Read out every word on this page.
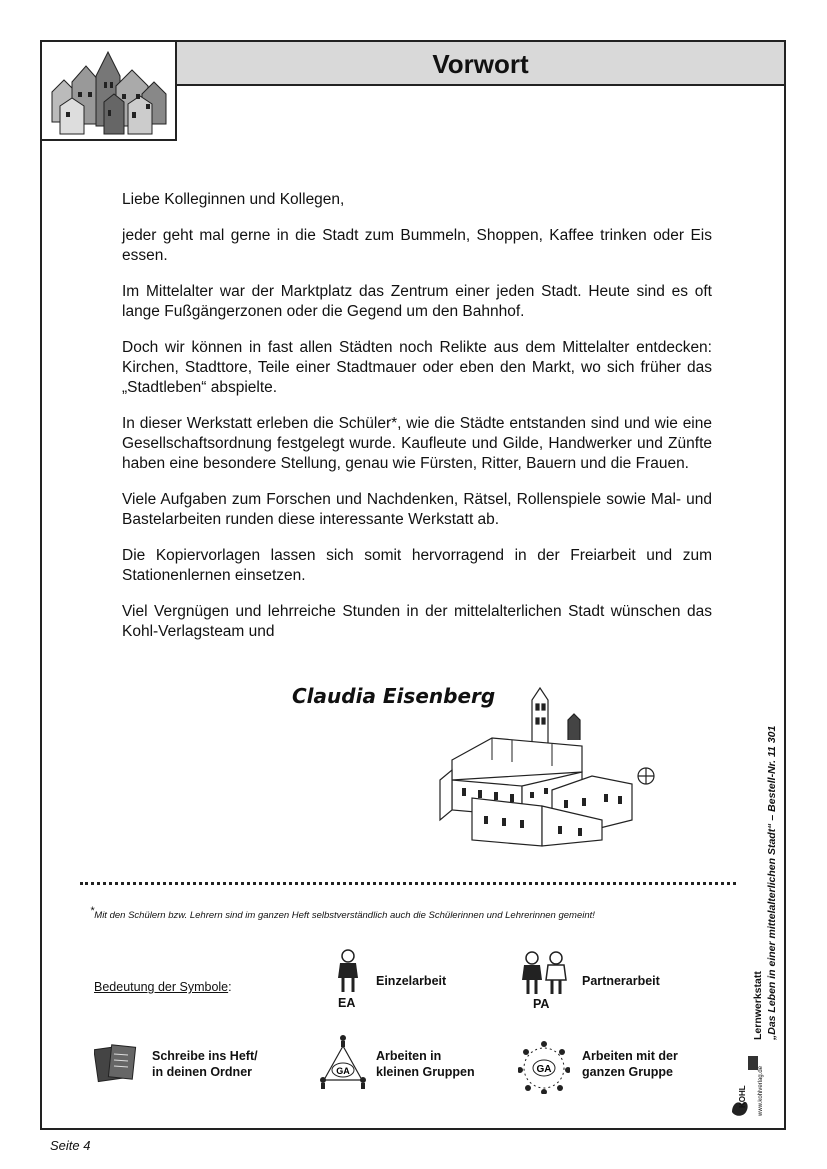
Vorwort

Liebe Kolleginnen und Kollegen,

jeder geht mal gerne in die Stadt zum Bummeln, Shoppen, Kaffee trinken oder Eis essen.

Im Mittelalter war der Marktplatz das Zentrum einer jeden Stadt. Heute sind es oft lange Fußgängerzonen oder die Gegend um den Bahnhof.

Doch wir können in fast allen Städten noch Relikte aus dem Mittelalter entdecken: Kirchen, Stadttore, Teile einer Stadtmauer oder eben den Markt, wo sich früher das „Stadtleben“ abspielte.

In dieser Werkstatt erleben die Schüler*, wie die Städte entstanden sind und wie eine Gesellschaftsordnung festgelegt wurde. Kaufleute und Gilde, Handwerker und Zünfte haben eine besondere Stellung, genau wie Fürsten, Ritter, Bauern und die Frauen.

Viele Aufgaben zum Forschen und Nachdenken, Rätsel, Rollenspiele sowie Mal- und Bastelarbeiten runden diese interessante Werkstatt ab.

Die Kopiervorlagen lassen sich somit hervorragend in der Freiarbeit und zum Stationenlernen einsetzen.

Viel Vergnügen und lehrreiche Stunden in der mittelalterlichen Stadt wünschen das Kohl-Verlagsteam und

Claudia Eisenberg
*Mit den Schülern bzw. Lehrern sind im ganzen Heft selbstverständlich auch die Schülerinnen und Lehrerinnen gemeint!
Bedeutung der Symbole:
EA
Einzelarbeit
PA
Partnerarbeit
Schreibe ins Heft/
in deinen Ordner	GA
Arbeiten in
kleinen Gruppen	GA
Arbeiten mit der
ganzen Gruppe
Lernwerkstatt „Das Leben in einer mittelalterlichen Stadt“ – Bestell-Nr. 11 301
KOHL www.kohlverlag.de
Seite 4
